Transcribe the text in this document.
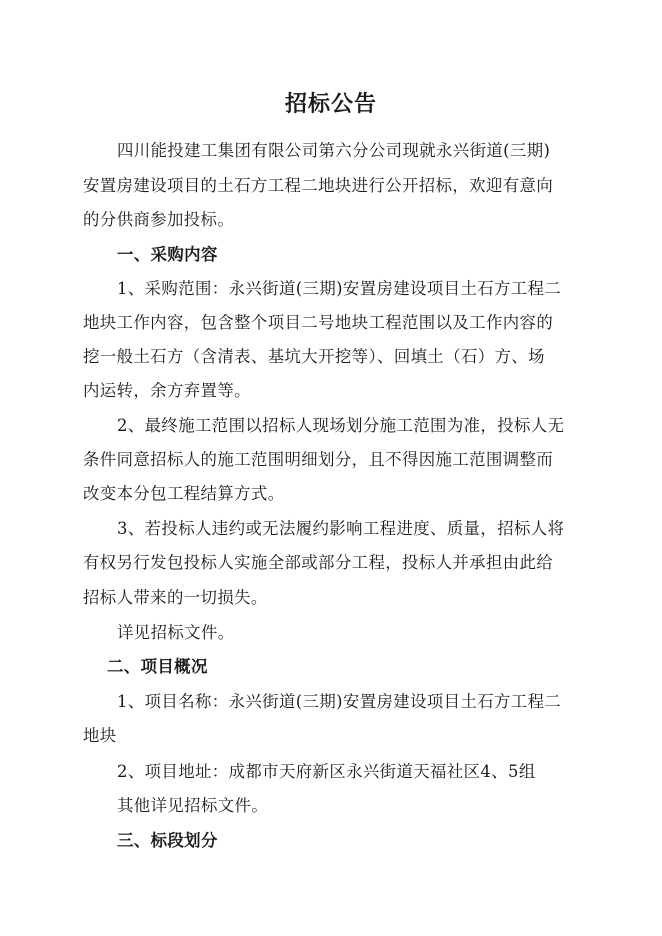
招标公告
四川能投建工集团有限公司第六分公司现就永兴街道(三期)
安置房建设项目的土石方工程二地块进行公开招标，欢迎有意向
的分供商参加投标。
一、采购内容
1、采购范围：永兴街道(三期)安置房建设项目土石方工程二
地块工作内容，包含整个项目二号地块工程范围以及工作内容的
挖一般土石方（含清表、基坑大开挖等）、回填土（石）方、场
内运转，余方弃置等。
2、最终施工范围以招标人现场划分施工范围为准，投标人无
条件同意招标人的施工范围明细划分，且不得因施工范围调整而
改变本分包工程结算方式。
3、若投标人违约或无法履约影响工程进度、质量，招标人将
有权另行发包投标人实施全部或部分工程，投标人并承担由此给
招标人带来的一切损失。
详见招标文件。
二、项目概况
1、项目名称：永兴街道(三期)安置房建设项目土石方工程二
地块
2、项目地址：成都市天府新区永兴街道天福社区4、5组
其他详见招标文件。
三、标段划分
